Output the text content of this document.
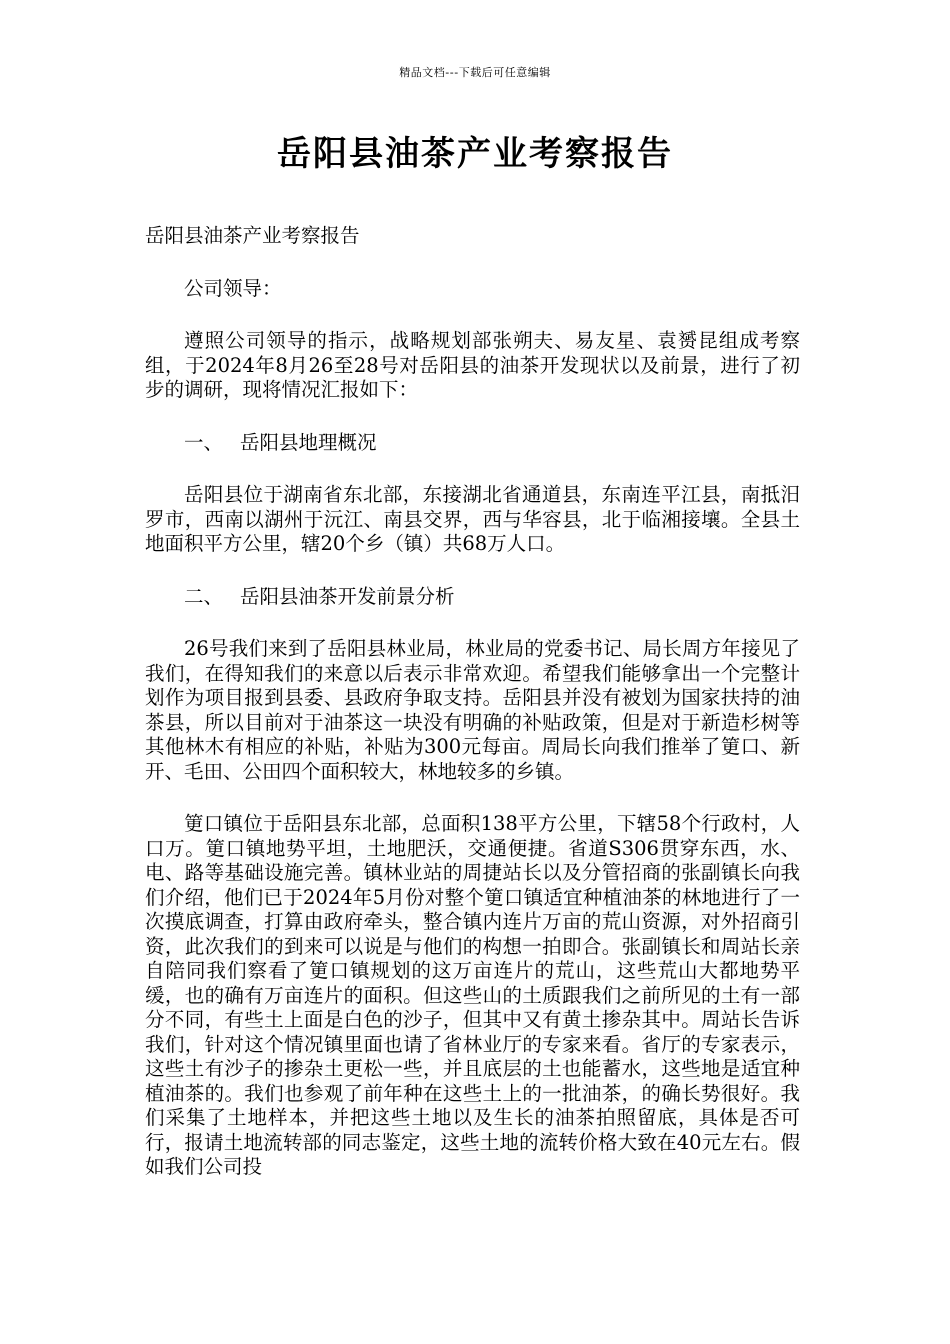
精品文档---下载后可任意编辑
岳阳县油茶产业考察报告

岳阳县油茶产业考察报告

公司领导：

遵照公司领导的指示，战略规划部张朔夫、易友星、袁赟昆组成考察组，于2024年8月26至28号对岳阳县的油茶开发现状以及前景，进行了初步的调研，现将情况汇报如下：

一、 岳阳县地理概况

岳阳县位于湖南省东北部，东接湖北省通道县，东南连平江县，南抵汨罗市，西南以湖州于沅江、南县交界，西与华容县，北于临湘接壤。全县土地面积平方公里，辖20个乡（镇）共68万人口。

二、 岳阳县油茶开发前景分析

26号我们来到了岳阳县林业局，林业局的党委书记、局长周方年接见了我们，在得知我们的来意以后表示非常欢迎。希望我们能够拿出一个完整计划作为项目报到县委、县政府争取支持。岳阳县并没有被划为国家扶持的油茶县，所以目前对于油茶这一块没有明确的补贴政策，但是对于新造杉树等其他林木有相应的补贴，补贴为300元每亩。周局长向我们推举了筻口、新开、毛田、公田四个面积较大，林地较多的乡镇。

筻口镇位于岳阳县东北部，总面积138平方公里，下辖58个行政村，人口万。筻口镇地势平坦，土地肥沃，交通便捷。省道S306贯穿东西，水、电、路等基础设施完善。镇林业站的周捷站长以及分管招商的张副镇长向我们介绍，他们已于2024年5月份对整个筻口镇适宜种植油茶的林地进行了一次摸底调查，打算由政府牵头，整合镇内连片万亩的荒山资源，对外招商引资，此次我们的到来可以说是与他们的构想一拍即合。张副镇长和周站长亲自陪同我们察看了筻口镇规划的这万亩连片的荒山，这些荒山大都地势平缓，也的确有万亩连片的面积。但这些山的土质跟我们之前所见的土有一部分不同，有些土上面是白色的沙子，但其中又有黄土掺杂其中。周站长告诉我们，针对这个情况镇里面也请了省林业厅的专家来看。省厅的专家表示，这些土有沙子的掺杂土更松一些，并且底层的土也能蓄水，这些地是适宜种植油茶的。我们也参观了前年种在这些土上的一批油茶，的确长势很好。我们采集了土地样本，并把这些土地以及生长的油茶拍照留底，具体是否可行，报请土地流转部的同志鉴定，这些土地的流转价格大致在40元左右。假如我们公司投
